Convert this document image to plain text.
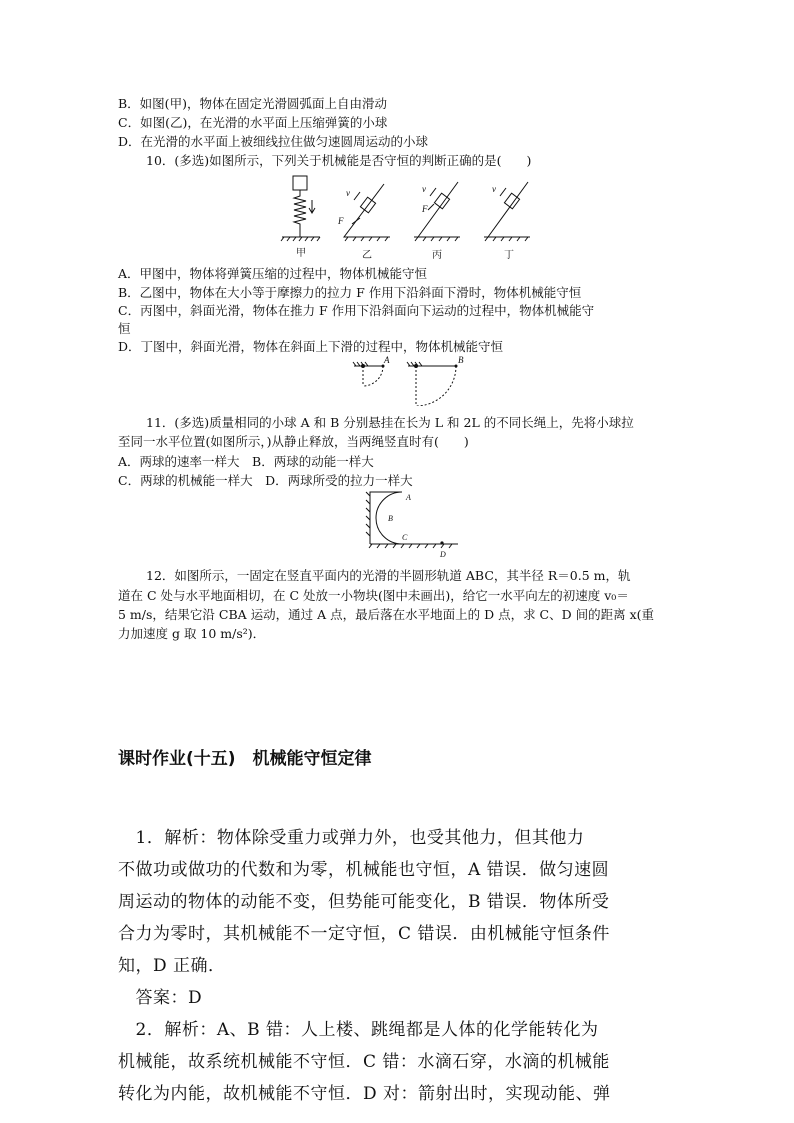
B．如图(甲)，物体在固定光滑圆弧面上自由滑动
C．如图(乙)，在光滑的水平面上压缩弹簧的小球
D．在光滑的水平面上被细线拉住做匀速圆周运动的小球
10．(多选)如图所示，下列关于机械能是否守恒的判断正确的是(　　)
v
F
v
F
v
甲	乙	丙	丁
A．甲图中，物体将弹簧压缩的过程中，物体机械能守恒
B．乙图中，物体在大小等于摩擦力的拉力 F 作用下沿斜面下滑时，物体机械能守恒
C．丙图中，斜面光滑，物体在推力 F 作用下沿斜面向下运动的过程中，物体机械能守
恒
D．丁图中，斜面光滑，物体在斜面上下滑的过程中，物体机械能守恒
A	B
11．(多选)质量相同的小球 A 和 B 分别悬挂在长为 L 和 2L 的不同长绳上，先将小球拉
至同一水平位置(如图所示，)从静止释放，当两绳竖直时有(　　)
A．两球的速率一样大　B．两球的动能一样大
C．两球的机械能一样大　D．两球所受的拉力一样大
A
B
C
D
12．如图所示，一固定在竖直平面内的光滑的半圆形轨道 ABC，其半径 R＝0.5 m，轨
道在 C 处与水平地面相切，在 C 处放一小物块(图中未画出)，给它一水平向左的初速度 v₀＝
5 m/s，结果它沿 CBA 运动，通过 A 点，最后落在水平地面上的 D 点，求 C、D 间的距离 x(重
力加速度 g 取 10 m/s²)．
课时作业(十五)　机械能守恒定律
　1．解析：物体除受重力或弹力外，也受其他力，但其他力
不做功或做功的代数和为零，机械能也守恒，A 错误．做匀速圆
周运动的物体的动能不变，但势能可能变化，B 错误．物体所受
合力为零时，其机械能不一定守恒，C 错误．由机械能守恒条件
知，D 正确．
　答案：D
　2．解析：A、B 错：人上楼、跳绳都是人体的化学能转化为
机械能，故系统机械能不守恒．C 错：水滴石穿，水滴的机械能
转化为内能，故机械能不守恒．D 对：箭射出时，实现动能、弹
